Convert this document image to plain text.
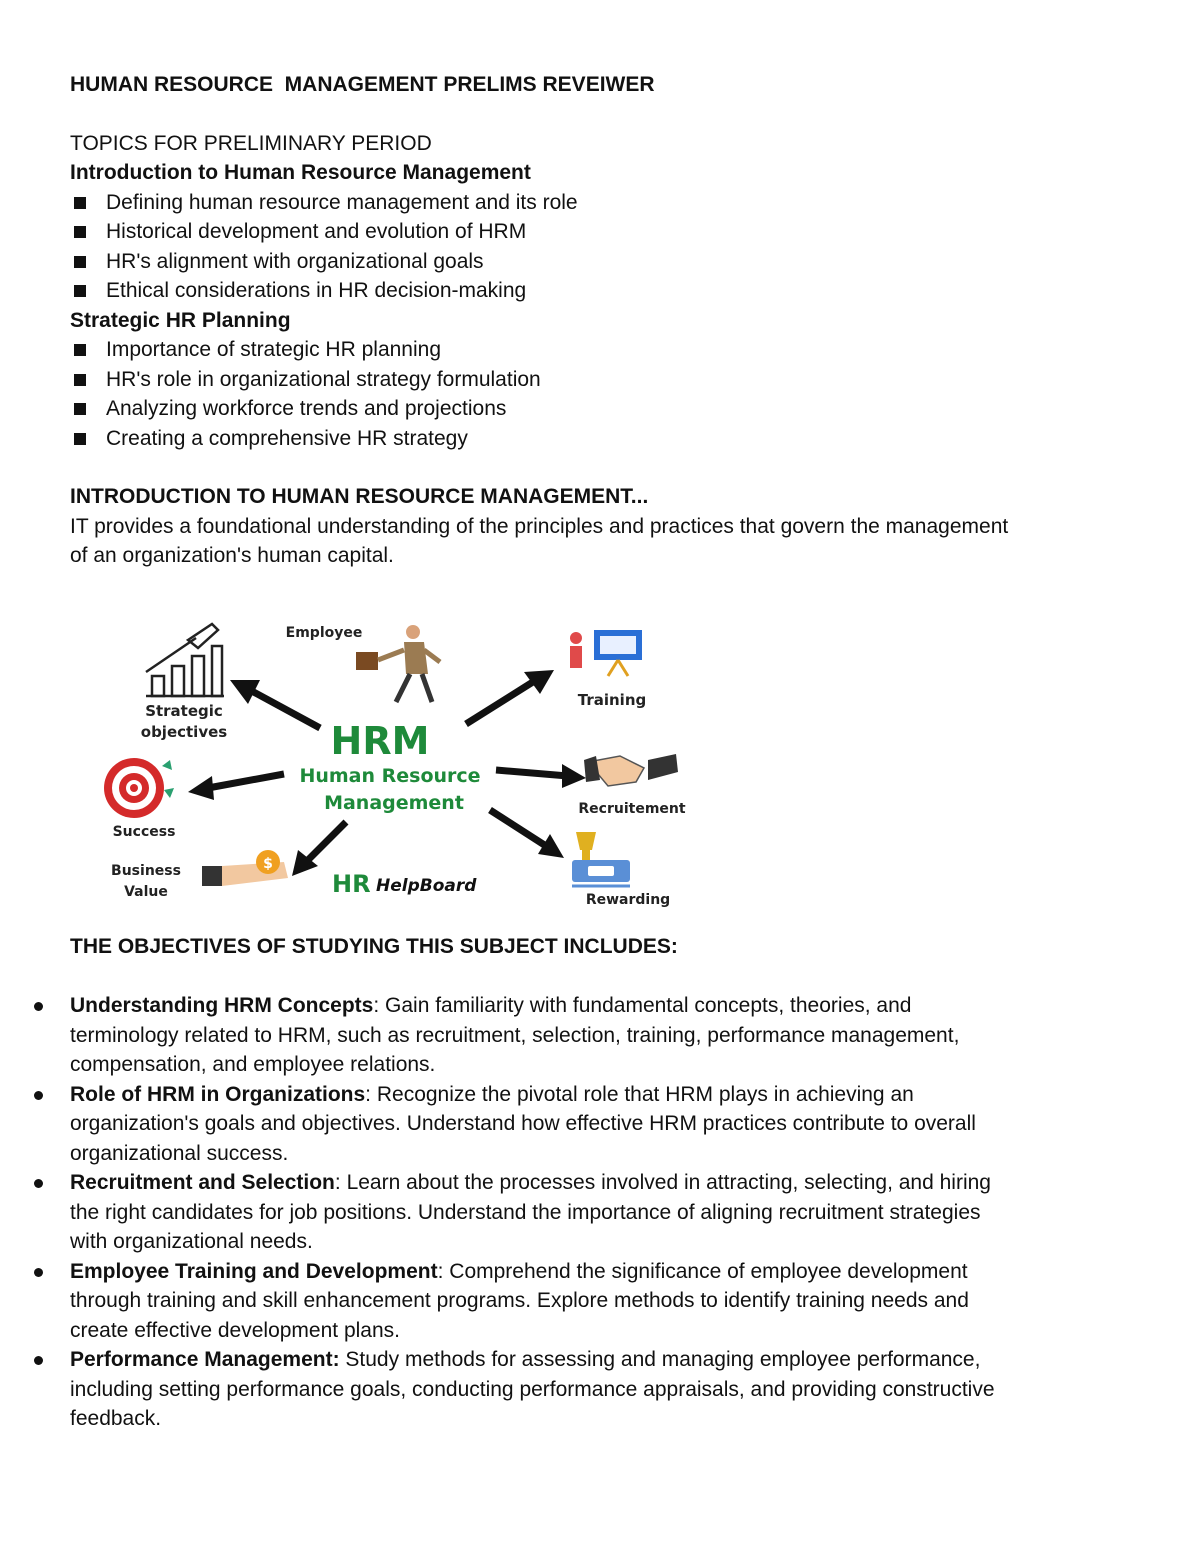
HUMAN RESOURCE  MANAGEMENT PRELIMS REVEIWER
TOPICS FOR PRELIMINARY PERIOD
Introduction to Human Resource Management
Defining human resource management and its role
Historical development and evolution of HRM
HR's alignment with organizational goals
Ethical considerations in HR decision-making
Strategic HR Planning
Importance of strategic HR planning
HR's role in organizational strategy formulation
Analyzing workforce trends and projections
Creating a comprehensive HR strategy
INTRODUCTION TO HUMAN RESOURCE MANAGEMENT...
IT provides a foundational understanding of the principles and practices that govern the management
of an organization's human capital.
HRM
Human Resource
Management
Strategic
objectives
Employee
Training
Success
Recruitement
Business
Value
$
HR HelpBoard
Rewarding
THE OBJECTIVES OF STUDYING THIS SUBJECT INCLUDES:
Understanding HRM Concepts: Gain familiarity with fundamental concepts, theories, and
terminology related to HRM, such as recruitment, selection, training, performance management,
compensation, and employee relations.
Role of HRM in Organizations: Recognize the pivotal role that HRM plays in achieving an
organization's goals and objectives. Understand how effective HRM practices contribute to overall
organizational success.
Recruitment and Selection: Learn about the processes involved in attracting, selecting, and hiring
the right candidates for job positions. Understand the importance of aligning recruitment strategies
with organizational needs.
Employee Training and Development: Comprehend the significance of employee development
through training and skill enhancement programs. Explore methods to identify training needs and
create effective development plans.
Performance Management: Study methods for assessing and managing employee performance,
including setting performance goals, conducting performance appraisals, and providing constructive
feedback.
